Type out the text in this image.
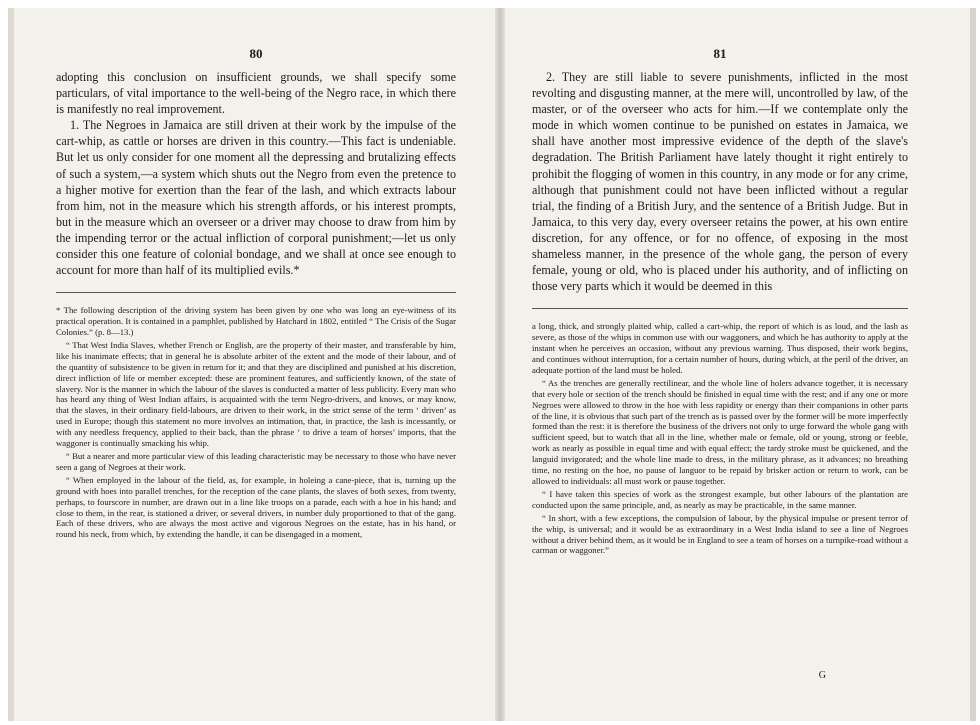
80

adopting this conclusion on insufficient grounds, we shall specify some particulars, of vital importance to the well-being of the Negro race, in which there is manifestly no real improvement.

1. The Negroes in Jamaica are still driven at their work by the impulse of the cart-whip, as cattle or horses are driven in this country.—This fact is undeniable. But let us only consider for one moment all the depressing and brutalizing effects of such a system,—a system which shuts out the Negro from even the pretence to a higher motive for exertion than the fear of the lash, and which extracts labour from him, not in the measure which his strength affords, or his interest prompts, but in the measure which an overseer or a driver may choose to draw from him by the impending terror or the actual infliction of corporal punishment;—let us only consider this one feature of colonial bondage, and we shall at once see enough to account for more than half of its multiplied evils.*

* The following description of the driving system has been given by one who was long an eye-witness of its practical operation. It is contained in a pamphlet, published by Hatchard in 1802, entitled “ The Crisis of the Sugar Colonies.” (p. 8—13.)

“ That West India Slaves, whether French or English, are the property of their master, and transferable by him, like his inanimate effects; that in general he is absolute arbiter of the extent and the mode of their labour, and of the quantity of subsistence to be given in return for it; and that they are disciplined and punished at his discretion, direct infliction of life or member excepted: these are prominent features, and sufficiently known, of the state of slavery. Nor is the manner in which the labour of the slaves is conducted a matter of less publicity. Every man who has heard any thing of West Indian affairs, is acquainted with the term Negro-drivers, and knows, or may know, that the slaves, in their ordinary field-labours, are driven to their work, in the strict sense of the term ‘ driven’ as used in Europe; though this statement no more involves an intimation, that, in practice, the lash is incessantly, or with any needless frequency, applied to their back, than the phrase ‘ to drive a team of horses’ imports, that the waggoner is continually smacking his whip.

“ But a nearer and more particular view of this leading characteristic may be necessary to those who have never seen a gang of Negroes at their work.

“ When employed in the labour of the field, as, for example, in holeing a cane-piece, that is, turning up the ground with hoes into parallel trenches, for the reception of the cane plants, the slaves of both sexes, from twenty, perhaps, to fourscore in number, are drawn out in a line like troops on a parade, each with a hoe in his hand; and close to them, in the rear, is stationed a driver, or several drivers, in number duly proportioned to that of the gang. Each of these drivers, who are always the most active and vigorous Negroes on the estate, has in his hand, or round his neck, from which, by extending the handle, it can be disengaged in a moment,

81

2. They are still liable to severe punishments, inflicted in the most revolting and disgusting manner, at the mere will, uncontrolled by law, of the master, or of the overseer who acts for him.—If we contemplate only the mode in which women continue to be punished on estates in Jamaica, we shall have another most impressive evidence of the depth of the slave's degradation. The British Parliament have lately thought it right entirely to prohibit the flogging of women in this country, in any mode or for any crime, although that punishment could not have been inflicted without a regular trial, the finding of a British Jury, and the sentence of a British Judge. But in Jamaica, to this very day, every overseer retains the power, at his own entire discretion, for any offence, or for no offence, of exposing in the most shameless manner, in the presence of the whole gang, the person of every female, young or old, who is placed under his authority, and of inflicting on those very parts which it would be deemed in this

a long, thick, and strongly plaited whip, called a cart-whip, the report of which is as loud, and the lash as severe, as those of the whips in common use with our waggoners, and which he has authority to apply at the instant when he perceives an occasion, without any previous warning. Thus disposed, their work begins, and continues without interruption, for a certain number of hours, during which, at the peril of the driver, an adequate portion of the land must be holed.

“ As the trenches are generally rectilinear, and the whole line of holers advance together, it is necessary that every hole or section of the trench should be finished in equal time with the rest; and if any one or more Negroes were allowed to throw in the hoe with less rapidity or energy than their companions in other parts of the line, it is obvious that such part of the trench as is passed over by the former will be more imperfectly formed than the rest: it is therefore the business of the drivers not only to urge forward the whole gang with sufficient speed, but to watch that all in the line, whether male or female, old or young, strong or feeble, work as nearly as possible in equal time and with equal effect; the tardy stroke must be quickened, and the languid invigorated; and the whole line made to dress, in the military phrase, as it advances; no breathing time, no resting on the hoe, no pause of languor to be repaid by brisker action or return to work, can be allowed to individuals: all must work or pause together.

“ I have taken this species of work as the strongest example, but other labours of the plantation are conducted upon the same principle, and, as nearly as may be practicable, in the same manner.

“ In short, with a few exceptions, the compulsion of labour, by the physical impulse or present terror of the whip, is universal; and it would be as extraordinary in a West India island to see a line of Negroes without a driver behind them, as it would be in England to see a team of horses on a turnpike-road without a carman or waggoner.”

G
